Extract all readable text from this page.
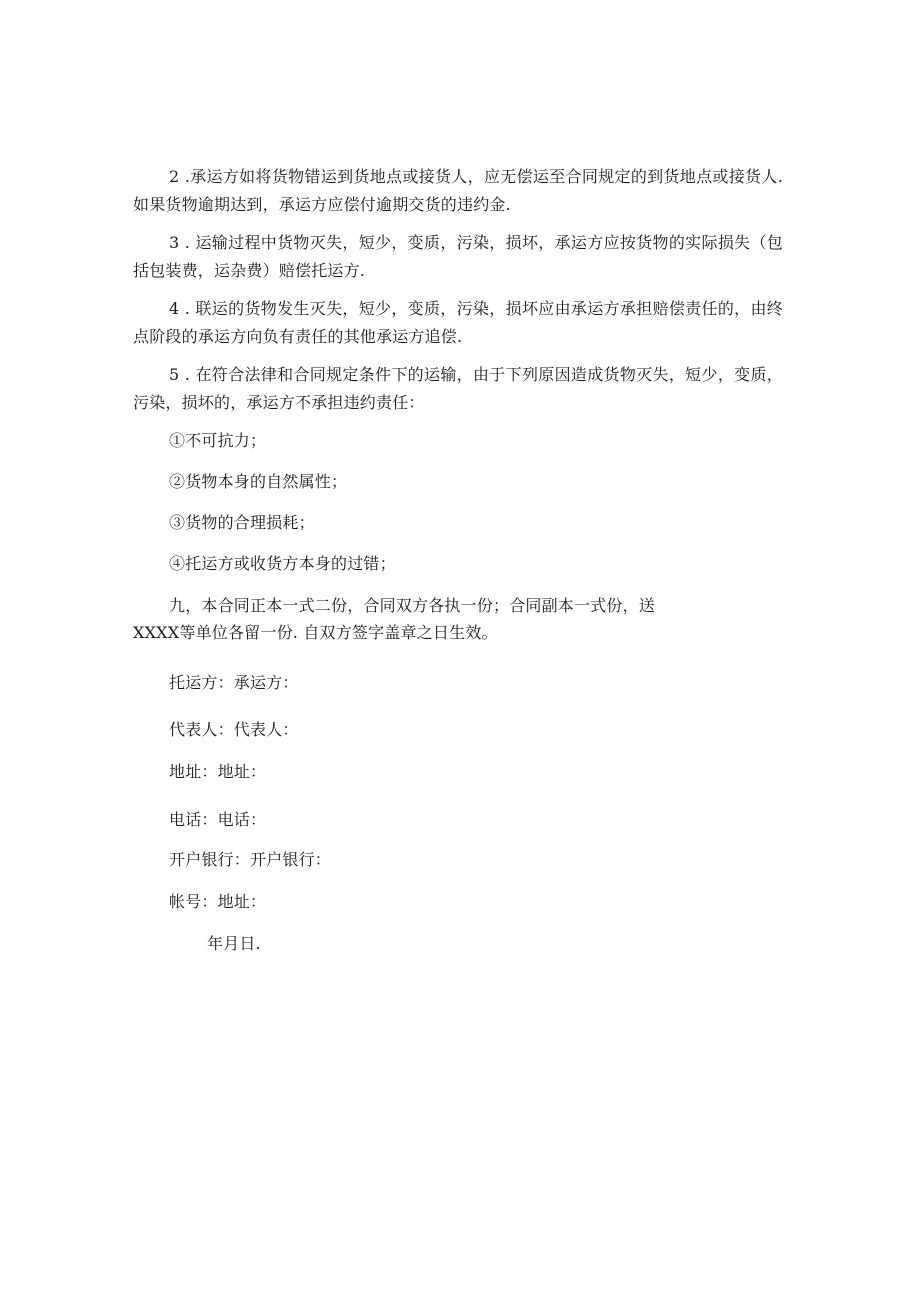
2 .承运方如将货物错运到货地点或接货人，应无偿运至合同规定的到货地点或接货人. 如果货物逾期达到，承运方应偿付逾期交货的违约金.

3 . 运输过程中货物灭失，短少，变质，污染，损坏，承运方应按货物的实际损失（包括包装费，运杂费）赔偿托运方.

4 . 联运的货物发生灭失，短少，变质，污染，损坏应由承运方承担赔偿责任的，由终点阶段的承运方向负有责任的其他承运方追偿.

5 . 在符合法律和合同规定条件下的运输，由于下列原因造成货物灭失，短少，变质，污染，损坏的，承运方不承担违约责任：

①不可抗力；

②货物本身的自然属性；

③货物的合理损耗；

④托运方或收货方本身的过错；

九，本合同正本一式二份，合同双方各执一份；合同副本一式份，送

XXXX等单位各留一份. 自双方签字盖章之日生效。

托运方：承运方：

代表人：代表人：

地址：地址：

电话：电话：

开户银行：开户银行：

帐号：地址：

年月日.
